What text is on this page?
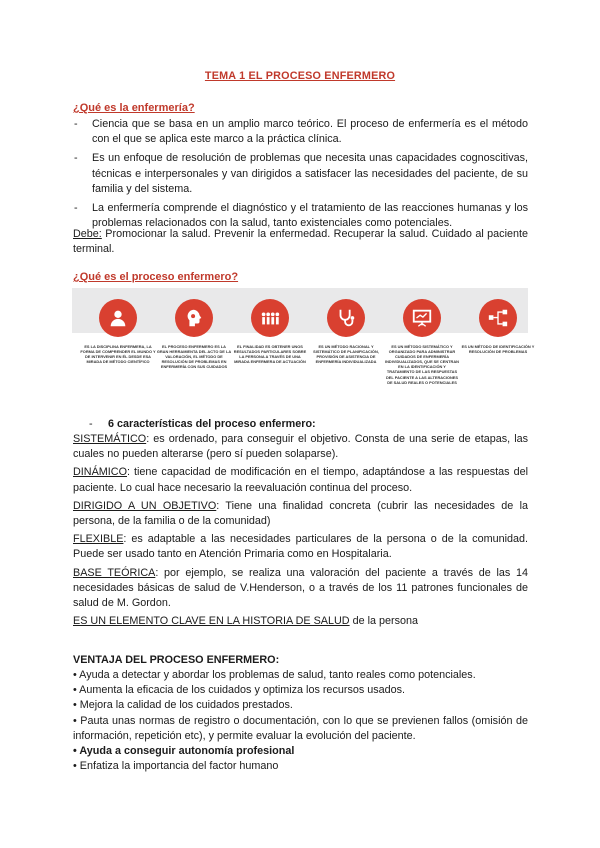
TEMA 1 EL PROCESO ENFERMERO
¿Qué es la enfermería?
- Ciencia que se basa en un amplio marco teórico. El proceso de enfermería es el método con el que se aplica este marco a la práctica clínica.
- Es un enfoque de resolución de problemas que necesita unas capacidades cognoscitivas, técnicas e interpersonales y van dirigidos a satisfacer las necesidades del paciente, de su familia y del sistema.
- La enfermería comprende el diagnóstico y el tratamiento de las reacciones humanas y los problemas relacionados con la salud, tanto existenciales como potenciales.
Debe: Promocionar la salud. Prevenir la enfermedad. Recuperar la salud. Cuidado al paciente terminal.
¿Qué es el proceso enfermero?
ES LA DISCIPLINA ENFERMERA, LA FORMA DE COMPRENDER EL MUNDO Y DE INTERVENIR EN ÉL DESDE ESA MIRADA DE MÉTODO CIENTÍFICO
EL PROCESO ENFERMERO ES LA GRAN HERRAMIENTA DEL ACTO DE LA VALORACIÓN, EL MÉTODO DE RESOLUCIÓN DE PROBLEMAS EN ENFERMERÍA CON SUS CUIDADOS
EL FINALIDAD ES OBTENER UNOS RESULTADOS PARTICULARES SOBRE LA PERSONA A TRAVÉS DE UNA MIRADA ENFERMERA DE ACTUACIÓN
ES UN MÉTODO RACIONAL Y SISTEMÁTICO DE PLANIFICACIÓN, PROVISIÓN DE ASISTENCIA DE ENFERMERÍA INDIVIDUALIZADA
ES UN MÉTODO SISTEMÁTICO Y ORGANIZADO PARA ADMINISTRAR CUIDADOS DE ENFERMERÍA INDIVIDUALIZADOS, QUE SE CENTRAN EN LA IDENTIFICACIÓN Y TRATAMIENTO DE LAS RESPUESTAS DEL PACIENTE A LAS ALTERACIONES DE SALUD REALES O POTENCIALES
ES UN MÉTODO DE IDENTIFICACIÓN Y RESOLUCIÓN DE PROBLEMAS
- 6 características del proceso enfermero:

SISTEMÁTICO: es ordenado, para conseguir el objetivo. Consta de una serie de etapas, las cuales no pueden alterarse (pero sí pueden solaparse).

DINÁMICO: tiene capacidad de modificación en el tiempo, adaptándose a las respuestas del paciente. Lo cual hace necesario la reevaluación continua del proceso.

DIRIGIDO A UN OBJETIVO: Tiene una finalidad concreta (cubrir las necesidades de la persona, de la familia o de la comunidad)

FLEXIBLE: es adaptable a las necesidades particulares de la persona o de la comunidad. Puede ser usado tanto en Atención Primaria como en Hospitalaria.

BASE TEÓRICA: por ejemplo, se realiza una valoración del paciente a través de las 14 necesidades básicas de salud de V.Henderson, o a través de los 11 patrones funcionales de salud de M. Gordon.

ES UN ELEMENTO CLAVE EN LA HISTORIA DE SALUD de la persona

VENTAJA DEL PROCESO ENFERMERO:
• Ayuda a detectar y abordar los problemas de salud, tanto reales como potenciales.
• Aumenta la eficacia de los cuidados y optimiza los recursos usados.
• Mejora la calidad de los cuidados prestados.
• Pauta unas normas de registro o documentación, con lo que se previenen fallos (omisión de información, repetición etc), y permite evaluar la evolución del paciente.
• Ayuda a conseguir autonomía profesional
• Enfatiza la importancia del factor humano
